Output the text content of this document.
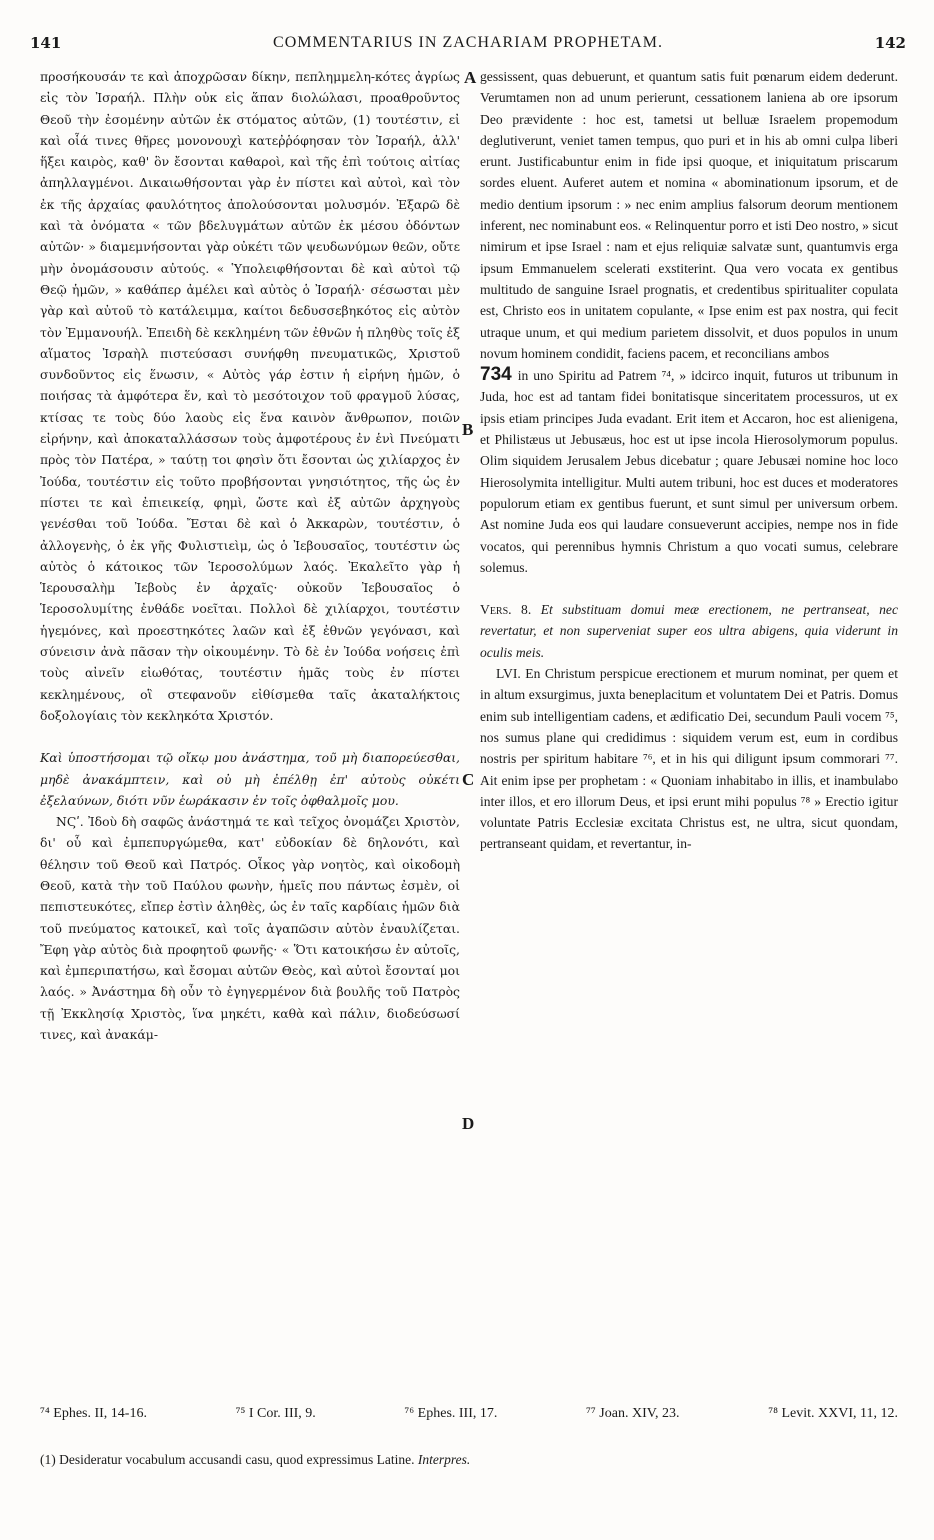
141	COMMENTARIUS IN ZACHARIAM PROPHETAM.	142

προσήκουσάν τε καὶ ἀποχρῶσαν δίκην, πεπλημμελη-κότες ἀγρίως εἰς τὸν Ἰσραήλ. Πλὴν οὐκ εἰς ἅπαν διολώλασι, προαθροῦντος Θεοῦ τὴν ἐσομένην αὐτῶν ἐκ στόματος αὐτῶν, (1) τουτέστιν, εἰ καὶ οἷά τινες θῆρες μονονουχὶ κατεῤῥόφησαν τὸν Ἰσραήλ, ἀλλ' ἥξει καιρὸς, καθ' ὃν ἔσονται καθαροὶ, καὶ τῆς ἐπὶ τούτοις αἰτίας ἀπηλλαγμένοι. Δικαιωθήσονται γὰρ ἐν πίστει καὶ αὐτοὶ, καὶ τὸν ἐκ τῆς ἀρχαίας φαυλότητος ἀπολούσονται μολυσμόν. Ἐξαρῶ δὲ καὶ τὰ ὀνόματα « τῶν βδελυγμάτων αὐτῶν ἐκ μέσου ὀδόντων αὐτῶν· » διαμεμνήσονται γὰρ οὐκέτι τῶν ψευδωνύμων θεῶν, οὔτε μὴν ὀνομάσουσιν αὐτούς. « Ὑπολειφθήσονται δὲ καὶ αὐτοὶ τῷ Θεῷ ἡμῶν, » καθάπερ ἀμέλει καὶ αὐτὸς ὁ Ἰσραήλ· σέσωσται μὲν γὰρ καὶ αὐτοῦ τὸ κατάλειμμα, καίτοι δεδυσσεβηκότος εἰς αὐτὸν τὸν Ἐμμανουήλ. Ἐπειδὴ δὲ κεκλημένη τῶν ἐθνῶν ἡ πληθὺς τοῖς ἐξ αἵματος Ἰσραὴλ πιστεύσασι συνήφθη πνευματικῶς, Χριστοῦ συνδοῦντος εἰς ἕνωσιν, « Αὐτὸς γάρ ἐστιν ἡ εἰρήνη ἡμῶν, ὁ ποιήσας τὰ ἀμφότερα ἕν, καὶ τὸ μεσότοιχον τοῦ φραγμοῦ λύσας, κτίσας τε τοὺς δύο λαοὺς εἰς ἕνα καινὸν ἄνθρωπον, ποιῶν εἰρήνην, καὶ ἀποκαταλλάσσων τοὺς ἀμφοτέρους ἐν ἑνὶ Πνεύματι πρὸς τὸν Πατέρα, » ταύτῃ τοι φησὶν ὅτι ἔσονται ὡς χιλίαρχος ἐν Ἰούδα, τουτέστιν εἰς τοῦτο προβήσονται γνησιότητος, τῆς ὡς ἐν πίστει τε καὶ ἐπιεικείᾳ, φημὶ, ὥστε καὶ ἐξ αὐτῶν ἀρχηγοὺς γενέσθαι τοῦ Ἰούδα. Ἔσται δὲ καὶ ὁ Ἀκκαρὼν, τουτέστιν, ὁ ἀλλογενὴς, ὁ ἐκ γῆς Φυλιστιεὶμ, ὡς ὁ Ἰεβουσαῖος, τουτέστιν ὡς αὐτὸς ὁ κάτοικος τῶν Ἱεροσολύμων λαός. Ἐκαλεῖτο γὰρ ἡ Ἱερουσαλὴμ Ἰεβοὺς ἐν ἀρχαῖς· οὐκοῦν Ἰεβουσαῖος ὁ Ἱεροσολυμίτης ἐνθάδε νοεῖται. Πολλοὶ δὲ χιλίαρχοι, τουτέστιν ἡγεμόνες, καὶ προεστηκότες λαῶν καὶ ἐξ ἐθνῶν γεγόνασι, καὶ σύνεισιν ἀνὰ πᾶσαν τὴν οἰκουμένην. Τὸ δὲ ἐν Ἰούδα νοήσεις ἐπὶ τοὺς αἰνεῖν εἰωθότας, τουτέστιν ἡμᾶς τοὺς ἐν πίστει κεκλημένους, οἳ στεφανοῦν εἰθίσμεθα ταῖς ἀκαταλήκτοις δοξολογίαις τὸν κεκληκότα Χριστόν.

Καὶ ὑποστήσομαι τῷ οἴκῳ μου ἀνάστημα, τοῦ μὴ διαπορεύεσθαι, μηδὲ ἀνακάμπτειν, καὶ οὐ μὴ ἐπέλθῃ ἐπ' αὐτοὺς οὐκέτι ἐξελαύνων, διότι νῦν ἑωράκασιν ἐν τοῖς ὀφθαλμοῖς μου.

ΝϚʹ. Ἰδοὺ δὴ σαφῶς ἀνάστημά τε καὶ τεῖχος ὀνομάζει Χριστὸν, δι' οὗ καὶ ἐμπεπυργώμεθα, κατ' εὐδοκίαν δὲ δηλονότι, καὶ θέλησιν τοῦ Θεοῦ καὶ Πατρός. Οἶκος γὰρ νοητὸς, καὶ οἰκοδομὴ Θεοῦ, κατὰ τὴν τοῦ Παύλου φωνὴν, ἡμεῖς που πάντως ἐσμὲν, οἱ πεπιστευκότες, εἴπερ ἐστὶν ἀληθὲς, ὡς ἐν ταῖς καρδίαις ἡμῶν διὰ τοῦ πνεύματος κατοικεῖ, καὶ τοῖς ἀγαπῶσιν αὐτὸν ἐναυλίζεται. Ἔφη γὰρ αὐτὸς διὰ προφητοῦ φωνῆς· « Ὅτι κατοικήσω ἐν αὐτοῖς, καὶ ἐμπεριπατήσω, καὶ ἔσομαι αὐτῶν Θεὸς, καὶ αὐτοὶ ἔσονταί μοι λαός. » Ἀνάστημα δὴ οὖν τὸ ἐγηγερμένον διὰ βουλῆς τοῦ Πατρὸς τῇ Ἐκκλησίᾳ Χριστὸς, ἵνα μηκέτι, καθὰ καὶ πάλιν, διοδεύσωσί τινες, καὶ ἀνακάμ-

A
B
C
D

gessissent, quas debuerunt, et quantum satis fuit pœnarum eidem dederunt. Verumtamen non ad unum perierunt, cessationem laniena ab ore ipsorum Deo prævidente : hoc est, tametsi ut belluæ Israelem propemodum deglutiverunt, veniet tamen tempus, quo puri et in his ab omni culpa liberi erunt. Justificabuntur enim in fide ipsi quoque, et iniquitatum priscarum sordes eluent. Auferet autem et nomina « abominationum ipsorum, et de medio dentium ipsorum : » nec enim amplius falsorum deorum mentionem inferent, nec nominabunt eos. « Relinquentur porro et isti Deo nostro, » sicut nimirum et ipse Israel : nam et ejus reliquiæ salvatæ sunt, quantumvis erga ipsum Emmanuelem scelerati exstiterint. Qua vero vocata ex gentibus multitudo de sanguine Israel prognatis, et credentibus spiritualiter copulata est, Christo eos in unitatem copulante, « Ipse enim est pax nostra, qui fecit utraque unum, et qui medium parietem dissolvit, et duos populos in unum novum hominem condidit, faciens pacem, et reconcilians ambos

734 in uno Spiritu ad Patrem ⁷⁴, » idcirco inquit, futuros ut tribunum in Juda, hoc est ad tantam fidei bonitatisque sinceritatem processuros, ut ex ipsis etiam principes Juda evadant. Erit item et Accaron, hoc est alienigena, et Philistæus ut Jebusæus, hoc est ut ipse incola Hierosolymorum populus. Olim siquidem Jerusalem Jebus dicebatur ; quare Jebusæi nomine hoc loco Hierosolymita intelligitur. Multi autem tribuni, hoc est duces et moderatores populorum etiam ex gentibus fuerunt, et sunt simul per universum orbem. Ast nomine Juda eos qui laudare consueverunt accipies, nempe nos in fide vocatos, qui perennibus hymnis Christum a quo vocati sumus, celebrare solemus.

Vers. 8. Et substituam domui meæ erectionem, ne pertranseat, nec revertatur, et non superveniat super eos ultra abigens, quia viderunt in oculis meis.

LVI. En Christum perspicue erectionem et murum nominat, per quem et in altum exsurgimus, juxta beneplacitum et voluntatem Dei et Patris. Domus enim sub intelligentiam cadens, et ædificatio Dei, secundum Pauli vocem ⁷⁵, nos sumus plane qui credidimus : siquidem verum est, eum in cordibus nostris per spiritum habitare ⁷⁶, et in his qui diligunt ipsum commorari ⁷⁷. Ait enim ipse per prophetam : « Quoniam inhabitabo in illis, et inambulabo inter illos, et ero illorum Deus, et ipsi erunt mihi populus ⁷⁸ » Erectio igitur voluntate Patris Ecclesiæ excitata Christus est, ne ultra, sicut quondam, pertranseant quidam, et revertantur, in-

⁷⁴ Ephes. II, 14-16.	⁷⁵ I Cor. III, 9.	⁷⁶ Ephes. III, 17.	⁷⁷ Joan. XIV, 23.	⁷⁸ Levit. XXVI, 11, 12.
(1) Desideratur vocabulum accusandi casu, quod expressimus Latine. Interpres.
